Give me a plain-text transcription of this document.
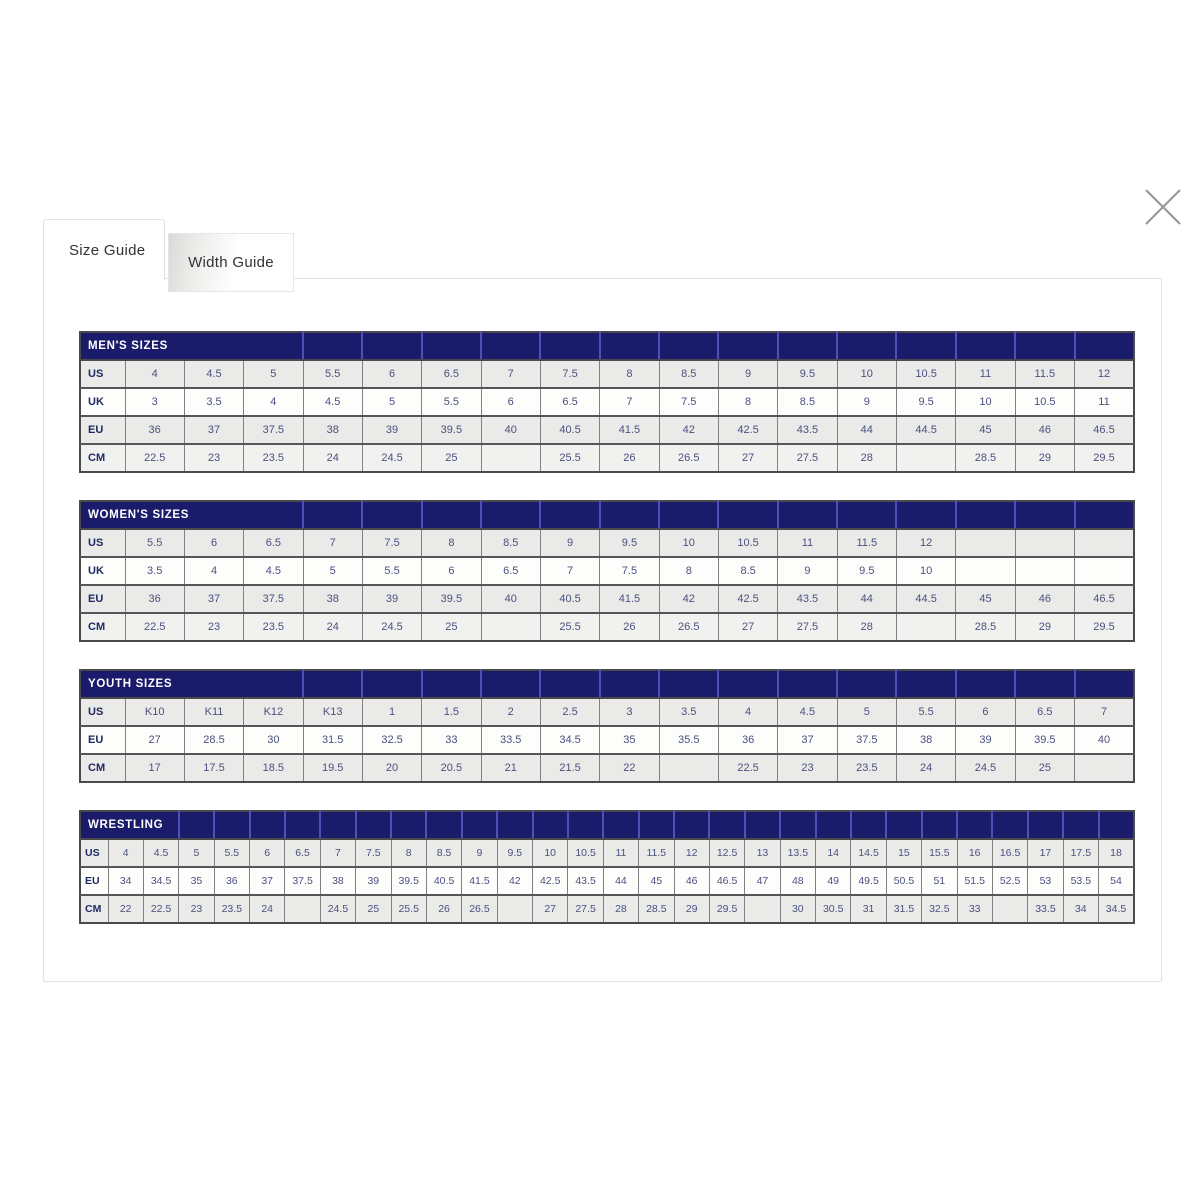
Size Guide
Width Guide
MEN'S SIZES																	
US	4	4.5	5	5.5	6	6.5	7	7.5	8	8.5	9	9.5	10	10.5	11	11.5	12
UK	3	3.5	4	4.5	5	5.5	6	6.5	7	7.5	8	8.5	9	9.5	10	10.5	11
EU	36	37	37.5	38	39	39.5	40	40.5	41.5	42	42.5	43.5	44	44.5	45	46	46.5
CM	22.5	23	23.5	24	24.5	25		25.5	26	26.5	27	27.5	28		28.5	29	29.5
WOMEN'S SIZES																	
US	5.5	6	6.5	7	7.5	8	8.5	9	9.5	10	10.5	11	11.5	12			
UK	3.5	4	4.5	5	5.5	6	6.5	7	7.5	8	8.5	9	9.5	10			
EU	36	37	37.5	38	39	39.5	40	40.5	41.5	42	42.5	43.5	44	44.5	45	46	46.5
CM	22.5	23	23.5	24	24.5	25		25.5	26	26.5	27	27.5	28		28.5	29	29.5
YOUTH SIZES																	
US	K10	K11	K12	K13	1	1.5	2	2.5	3	3.5	4	4.5	5	5.5	6	6.5	7
EU	27	28.5	30	31.5	32.5	33	33.5	34.5	35	35.5	36	37	37.5	38	39	39.5	40
CM	17	17.5	18.5	19.5	20	20.5	21	21.5	22		22.5	23	23.5	24	24.5	25	
WRESTLING																													
US	4	4.5	5	5.5	6	6.5	7	7.5	8	8.5	9	9.5	10	10.5	11	11.5	12	12.5	13	13.5	14	14.5	15	15.5	16	16.5	17	17.5	18
EU	34	34.5	35	36	37	37.5	38	39	39.5	40.5	41.5	42	42.5	43.5	44	45	46	46.5	47	48	49	49.5	50.5	51	51.5	52.5	53	53.5	54
CM	22	22.5	23	23.5	24		24.5	25	25.5	26	26.5		27	27.5	28	28.5	29	29.5		30	30.5	31	31.5	32.5	33		33.5	34	34.5
